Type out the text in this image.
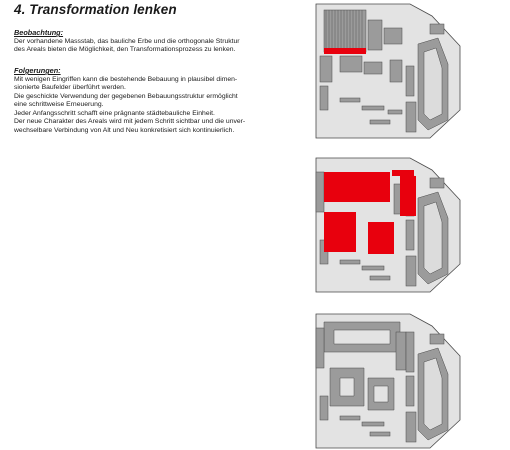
4. Transformation lenken

Beobachtung:

Der vorhandene Massstab, das bauliche Erbe und die orthogonale Struktur

des Areals bieten die Möglichkeit, den Transformationsprozess zu lenken.

Folgerungen:

Mit wenigen Eingriffen kann die bestehende Bebauung in plausibel dimen-

sionierte Baufelder überführt werden.

Die geschickte Verwendung der gegebenen Bebauungsstruktur ermöglicht

eine schrittweise Erneuerung.

Jeder Anfangsschritt schafft eine prägnante städtebauliche Einheit.

Der neue Charakter des Areals wird mit jedem Schritt sichtbar und die unver-

wechselbare Verbindung von Alt und Neu konkretisiert sich kontinuierlich.
